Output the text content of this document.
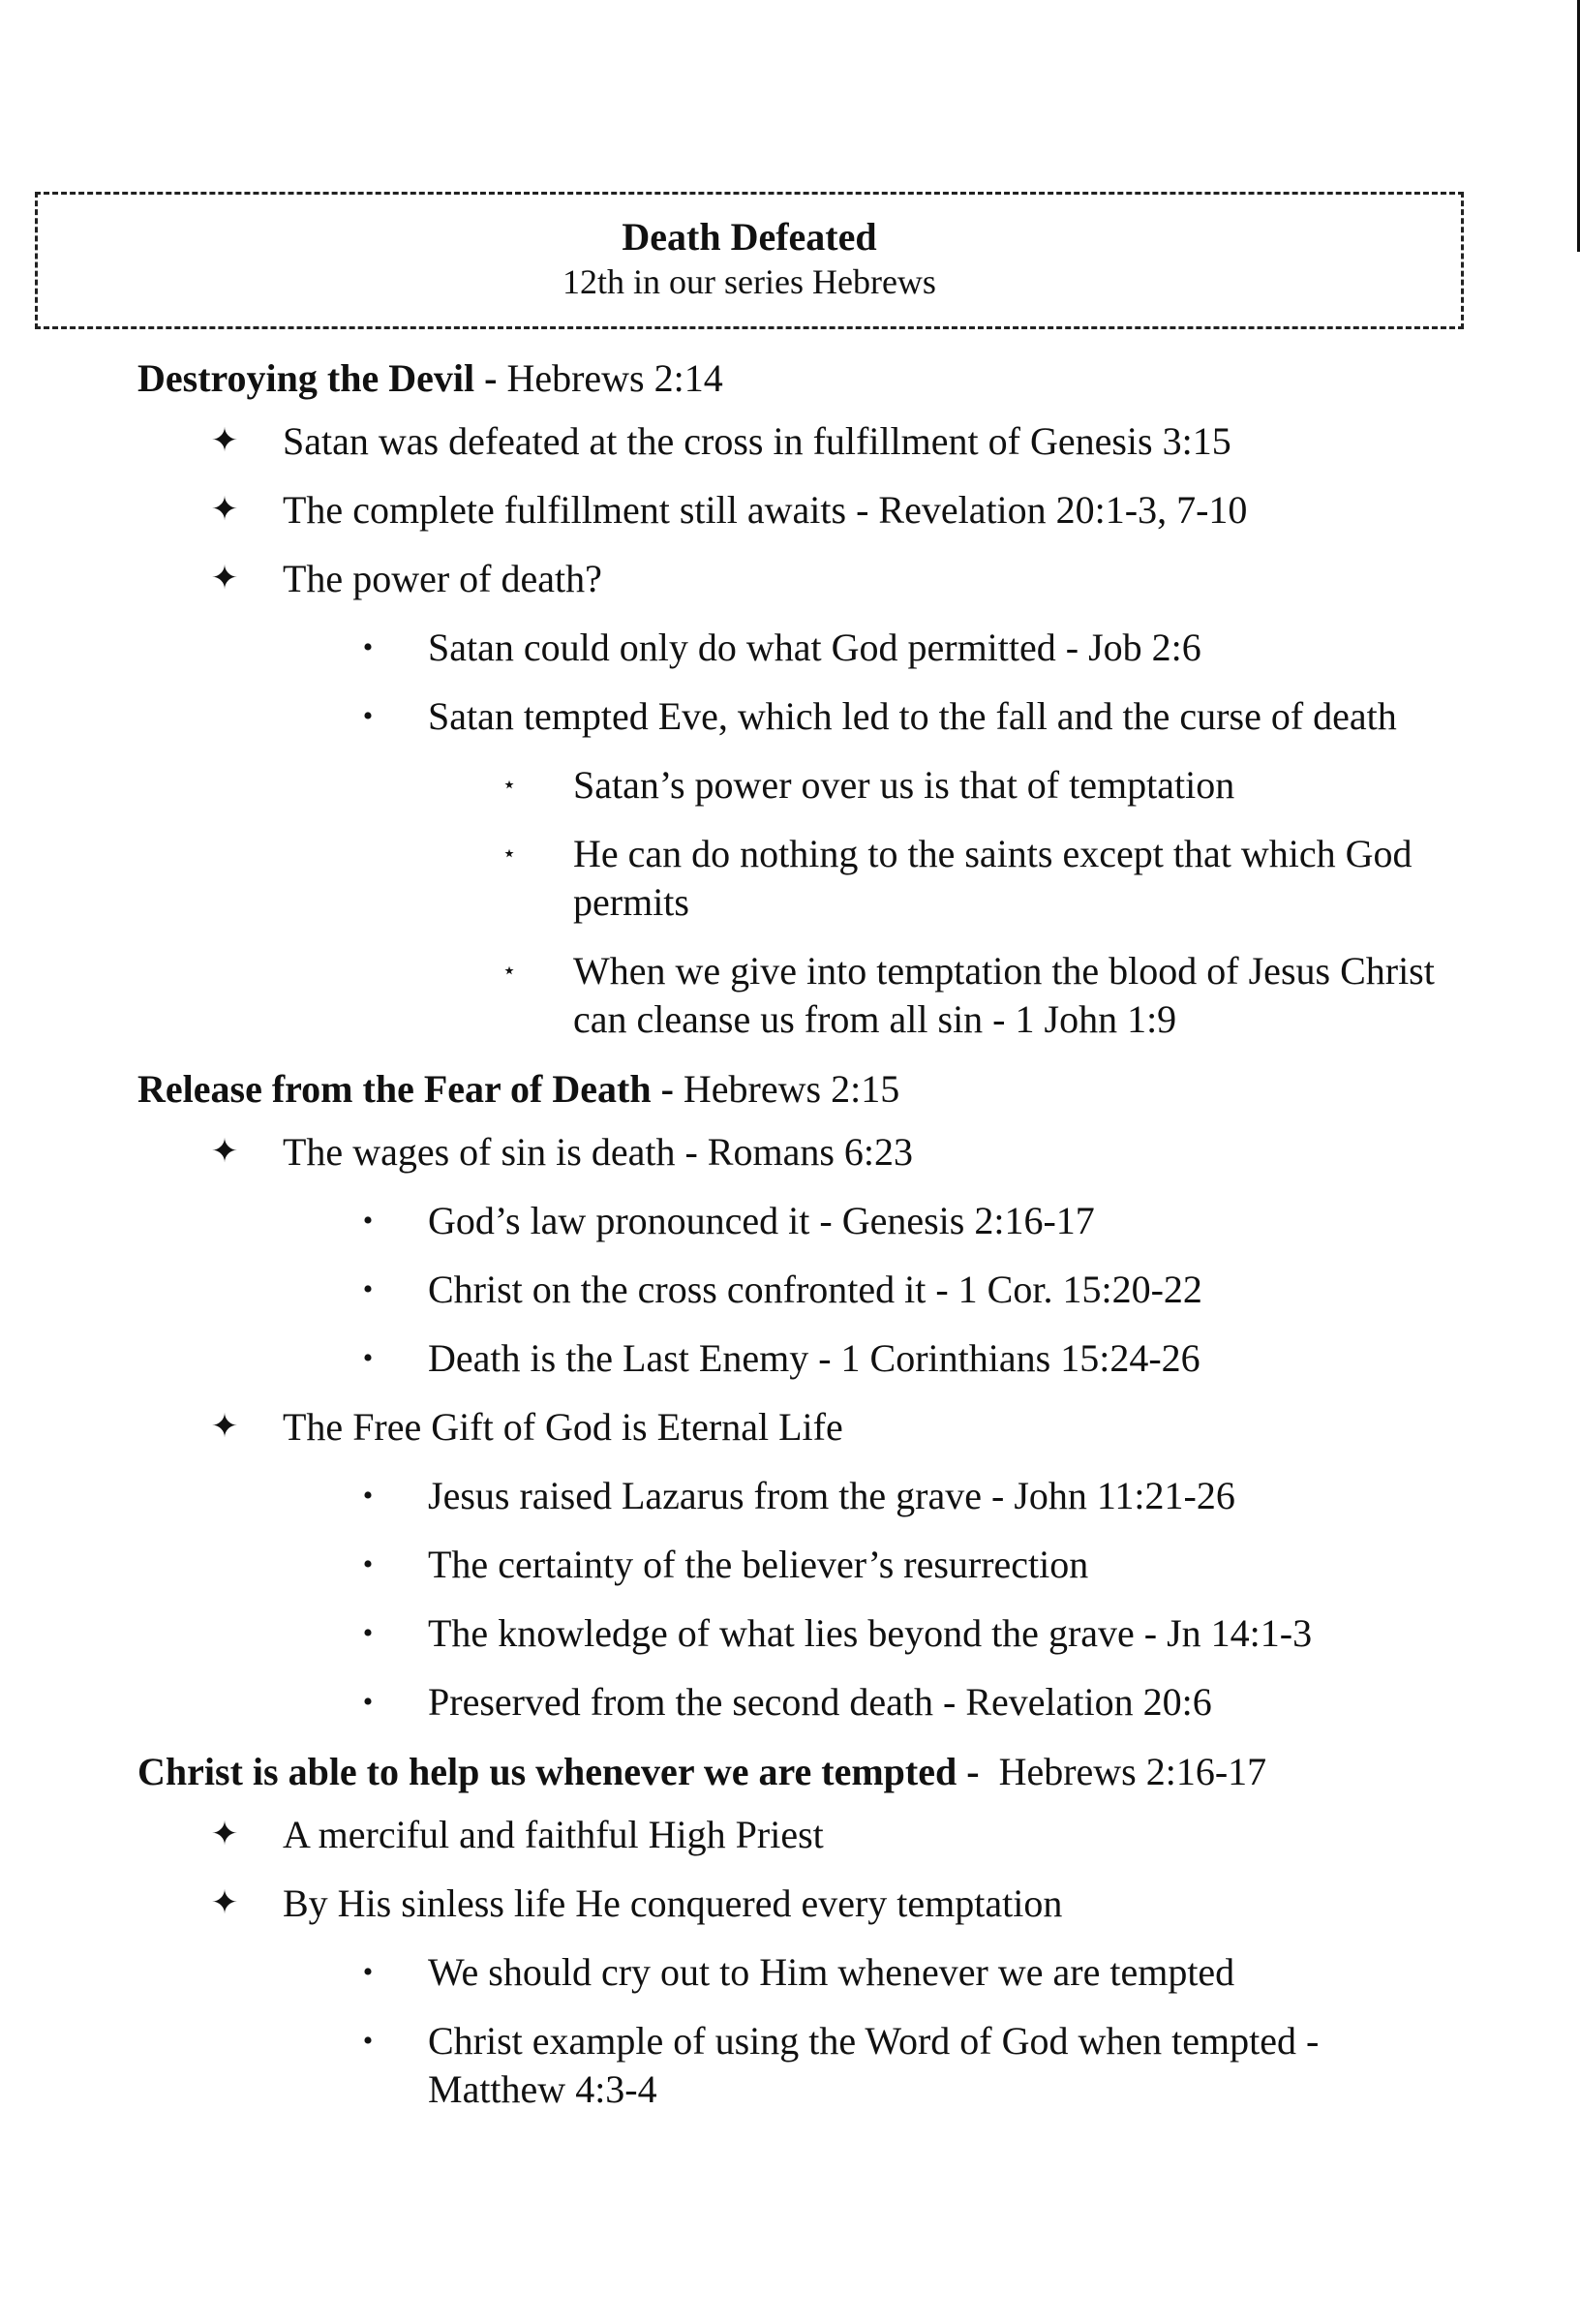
Death Defeated
12th in our series Hebrews
Destroying the Devil - Hebrews 2:14
✦ Satan was defeated at the cross in fulfillment of Genesis 3:15
✦ The complete fulfillment still awaits - Revelation 20:1-3, 7-10
✦ The power of death?
•	Satan could only do what God permitted - Job 2:6
•	Satan tempted Eve, which led to the fall and the curse of death
⋆	Satan’s power over us is that of temptation
⋆	He can do nothing to the saints except that which God permits
⋆	When we give into temptation the blood of Jesus Christ can cleanse us from all sin - 1 John 1:9
Release from the Fear of Death - Hebrews 2:15
✦ The wages of sin is death - Romans 6:23
•	God’s law pronounced it - Genesis 2:16-17
•	Christ on the cross confronted it - 1 Cor. 15:20-22
•	Death is the Last Enemy - 1 Corinthians 15:24-26
✦ The Free Gift of God is Eternal Life
•	Jesus raised Lazarus from the grave - John 11:21-26
•	The certainty of the believer’s resurrection
•	The knowledge of what lies beyond the grave - Jn 14:1-3
•	Preserved from the second death - Revelation 20:6
Christ is able to help us whenever we are tempted -  Hebrews 2:16-17
✦ A merciful and faithful High Priest
✦ By His sinless life He conquered every temptation
•	We should cry out to Him whenever we are tempted
•	Christ example of using the Word of God when tempted - Matthew 4:3-4
